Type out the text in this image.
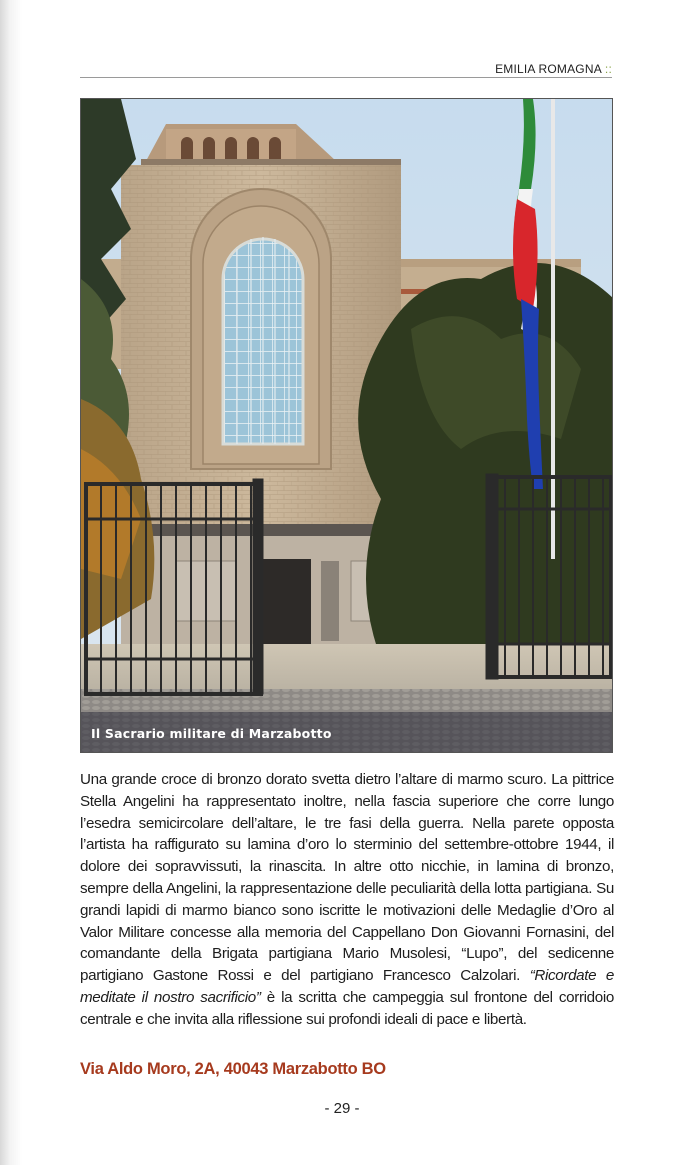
EMILIA ROMAGNA ::
Il Sacrario militare di Marzabotto

Una grande croce di bronzo dorato svetta dietro l’altare di marmo scuro. La pittrice Stella Angelini ha rappresentato inoltre, nella fascia superiore che corre lungo l’esedra semicircolare dell’altare, le tre fasi della guerra. Nella parete opposta l’artista ha raffigurato su lamina d’oro lo sterminio del settembre-ottobre 1944, il dolore dei sopravvissuti, la rinascita. In altre otto nicchie, in lamina di bronzo, sempre della Angelini, la rappresentazione delle peculiarità della lotta partigiana. Su grandi lapidi di marmo bianco sono iscritte le motivazioni delle Medaglie d’Oro al Valor Militare concesse alla memoria del Cappellano Don Giovanni Fornasini, del comandante della Brigata partigiana Mario Musolesi, “Lupo”, del sedicenne partigiano Gastone Rossi e del partigiano Francesco Calzolari. “Ricordate e meditate il nostro sacrificio” è la scritta che campeggia sul frontone del corridoio centrale e che invita alla riflessione sui profondi ideali di pace e libertà.

Via Aldo Moro, 2A, 40043 Marzabotto BO
- 29 -
